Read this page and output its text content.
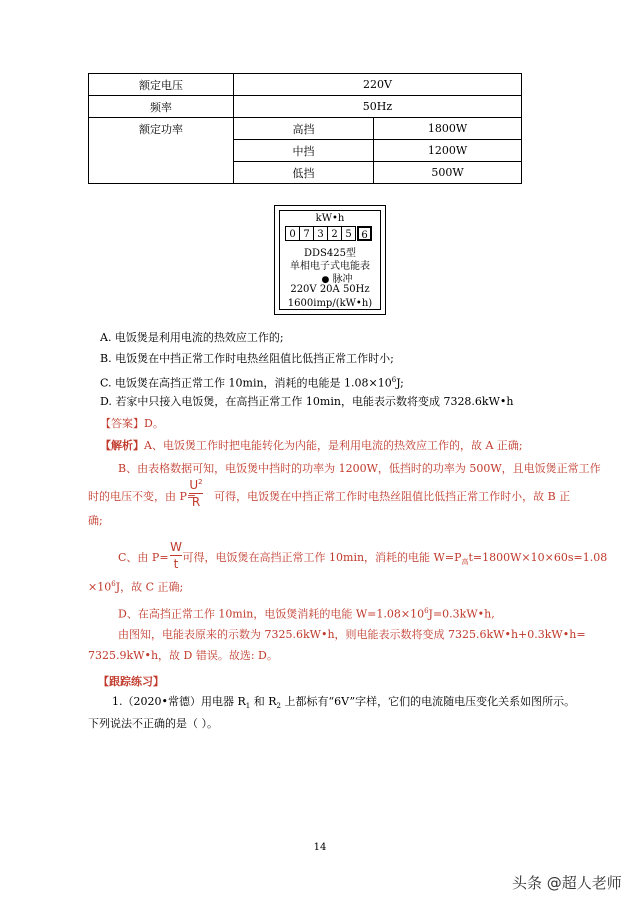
额定电压	220V	
频率	50Hz	
额定功率	高挡	1800W
	中挡	1200W
	低挡	500W
kW•h
0 7 3 2 5 6
DDS425型
单相电子式电能表
● 脉冲
220V 20A 50Hz
1600imp/(kW•h)
A. 电饭煲是利用电流的热效应工作的;
B. 电饭煲在中挡正常工作时电热丝阻值比低挡正常工作时小;
C. 电饭煲在高挡正常工作 10min，消耗的电能是 $1.08\times 10^6J$;
D. 若家中只接入电饭煲，在高挡正常工作 10min，电能表示数将变成 7328.6kW•h
【答案】D。
【解析】A、电饭煲工作时把电能转化为内能，是利用电流的热效应工作的，故 A 正确;
B、由表格数据可知，电饭煲中挡时的功率为 1200W，低挡时的功率为 500W，且电饭煲正常工作
时的电压不变，由 P= 可得，电饭煲在中挡正常工作时电热丝阻值比低挡正常工作时小，故 B 正
$U^2$
R
确;
C、由 P= 可得，电饭煲在高挡正常工作 10min，消耗的电能 $W=P_高t=1800W\times 10\times 60s=1.08$
W
t
$\times 10^6J$，故 C 正确;
D、在高挡正常工作 10min，电饭煲消耗的电能 $W=1.08\times 10^6J=0.3kW•h$,
由图知，电能表原来的示数为 7325.6kW•h，则电能表示数将变成 7325.6kW•h+0.3kW•h=
7325.9kW•h，故 D 错误。故选: D。
【跟踪练习】
1.（2020•常德）用电器 $R_1$ 和 $R_2$ 上都标有“6V”字样，它们的电流随电压变化关系如图所示。
下列说法不正确的是（ ）。
14
头条 @超人老师
